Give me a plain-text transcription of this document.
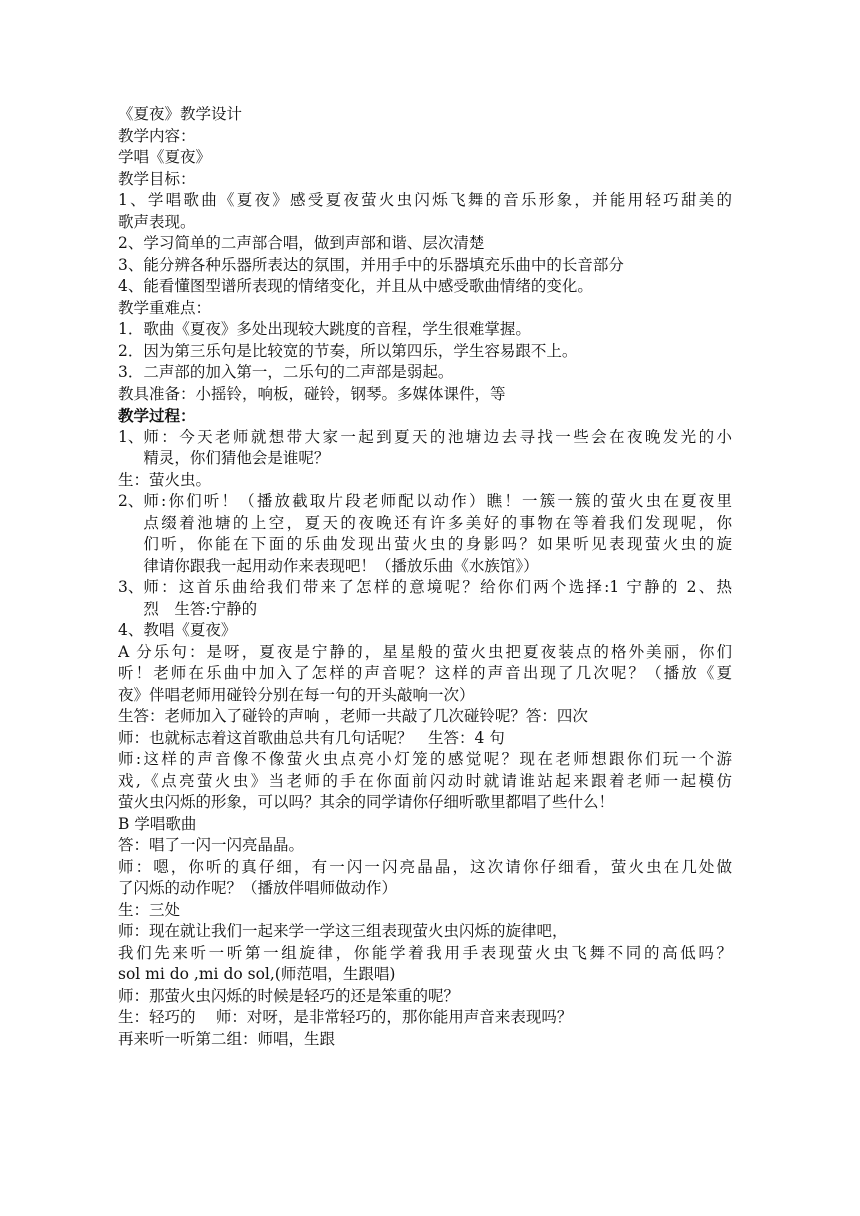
《夏夜》教学设计
教学内容：
学唱《夏夜》
教学目标：
1、学唱歌曲《夏夜》感受夏夜萤火虫闪烁飞舞的音乐形象，并能用轻巧甜美的
歌声表现。
2、学习简单的二声部合唱，做到声部和谐、层次清楚
3、能分辨各种乐器所表达的氛围，并用手中的乐器填充乐曲中的长音部分
4、能看懂图型谱所表现的情绪变化，并且从中感受歌曲情绪的变化。
教学重难点：
1．歌曲《夏夜》多处出现较大跳度的音程，学生很难掌握。
2．因为第三乐句是比较宽的节奏，所以第四乐，学生容易跟不上。
3．二声部的加入第一，二乐句的二声部是弱起。
教具准备：小摇铃，响板，碰铃，钢琴。多媒体课件，等
教学过程：
1、 师：今天老师就想带大家一起到夏天的池塘边去寻找一些会在夜晚发光的小
精灵，你们猜他会是谁呢？
生：萤火虫。
2、 师:你们听！（播放截取片段老师配以动作）瞧！一簇一簇的萤火虫在夏夜里
点缀着池塘的上空，夏天的夜晚还有许多美好的事物在等着我们发现呢，你
们听，你能在下面的乐曲发现出萤火虫的身影吗？如果听见表现萤火虫的旋
律请你跟我一起用动作来表现吧！（播放乐曲《水族馆》）
3、 师：这首乐曲给我们带来了怎样的意境呢？给你们两个选择:1 宁静的 2、热
烈　生答:宁静的
4、教唱《夏夜》
A 分乐句：是呀，夏夜是宁静的，星星般的萤火虫把夏夜装点的格外美丽，你们
听！老师在乐曲中加入了怎样的声音呢？这样的声音出现了几次呢？（播放《夏
夜》伴唱老师用碰铃分别在每一句的开头敲响一次）
生答：老师加入了碰铃的声响 ，老师一共敲了几次碰铃呢？答：四次
师：也就标志着这首歌曲总共有几句话呢？　生答：4 句
师:这样的声音像不像萤火虫点亮小灯笼的感觉呢？现在老师想跟你们玩一个游
戏,《点亮萤火虫》当老师的手在你面前闪动时就请谁站起来跟着老师一起模仿
萤火虫闪烁的形象，可以吗？其余的同学请你仔细听歌里都唱了些什么！
B 学唱歌曲
答：唱了一闪一闪亮晶晶。
师：嗯，你听的真仔细，有一闪一闪亮晶晶，这次请你仔细看，萤火虫在几处做
了闪烁的动作呢？（播放伴唱师做动作）
生：三处
师：现在就让我们一起来学一学这三组表现萤火虫闪烁的旋律吧，
我们先来听一听第一组旋律，你能学着我用手表现萤火虫飞舞不同的高低吗？
sol mi do ,mi do sol,(师范唱，生跟唱)
师：那萤火虫闪烁的时候是轻巧的还是笨重的呢？
生：轻巧的　 师：对呀，是非常轻巧的，那你能用声音来表现吗？
再来听一听第二组：师唱，生跟
